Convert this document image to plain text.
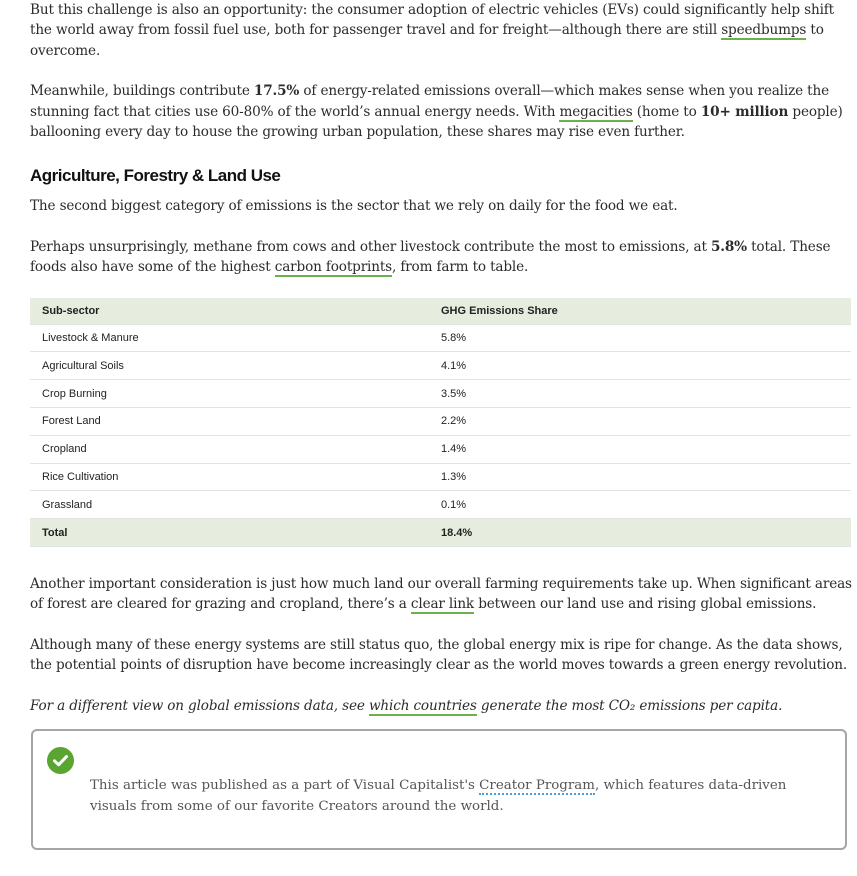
But this challenge is also an opportunity: the consumer adoption of electric vehicles (EVs) could significantly help shift the world away from fossil fuel use, both for passenger travel and for freight—although there are still speedbumps to overcome.

Meanwhile, buildings contribute 17.5% of energy-related emissions overall—which makes sense when you realize the stunning fact that cities use 60-80% of the world’s annual energy needs. With megacities (home to 10+ million people) ballooning every day to house the growing urban population, these shares may rise even further.

Agriculture, Forestry & Land Use

The second biggest category of emissions is the sector that we rely on daily for the food we eat.

Perhaps unsurprisingly, methane from cows and other livestock contribute the most to emissions, at 5.8% total. These foods also have some of the highest carbon footprints, from farm to table.

Sub-sector	GHG Emissions Share
Livestock & Manure	5.8%
Agricultural Soils	4.1%
Crop Burning	3.5%
Forest Land	2.2%
Cropland	1.4%
Rice Cultivation	1.3%
Grassland	0.1%
Total	18.4%

Another important consideration is just how much land our overall farming requirements take up. When significant areas of forest are cleared for grazing and cropland, there’s a clear link between our land use and rising global emissions.

Although many of these energy systems are still status quo, the global energy mix is ripe for change. As the data shows, the potential points of disruption have become increasingly clear as the world moves towards a green energy revolution.

For a different view on global emissions data, see which countries generate the most CO₂ emissions per capita.

This article was published as a part of Visual Capitalist's Creator Program, which features data-driven visuals from some of our favorite Creators around the world.
